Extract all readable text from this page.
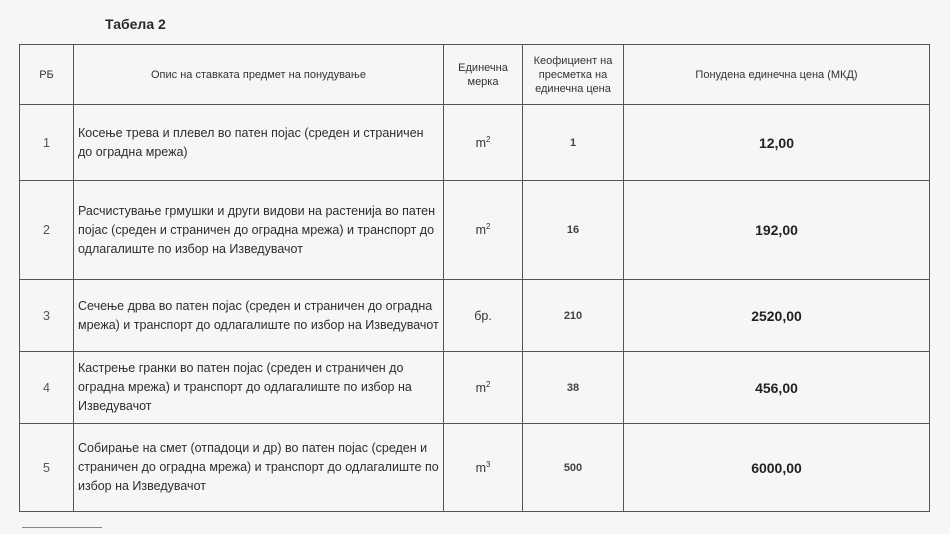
Табела 2
РБ	Опис на ставката предмет на понудување	Единечна мерка	Кеофициент на пресметка на единечна цена	Понудена единечна цена (МКД)
1	Косење трева и плевел во патен појас (среден и страничен до оградна мрежа)	$m^2$	1	12,00
2	Расчистување грмушки и други видови на растенија во патен појас (среден и страничен до оградна мрежа) и транспорт до одлагалиште по избор на Изведувачот	$m^2$	16	192,00
3	Сечење дрва во патен појас (среден и страничен до оградна мрежа) и транспорт до одлагалиште по избор на Изведувачот	бр.	210	2520,00
4	Кастрење гранки во патен појас (среден и страничен до оградна мрежа) и транспорт до одлагалиште по избор на Изведувачот	$m^2$	38	456,00
5	Собирање на смет (отпадоци и др) во патен појас (среден и страничен до оградна мрежа) и транспорт до одлагалиште по избор на Изведувачот	$m^3$	500	6000,00
